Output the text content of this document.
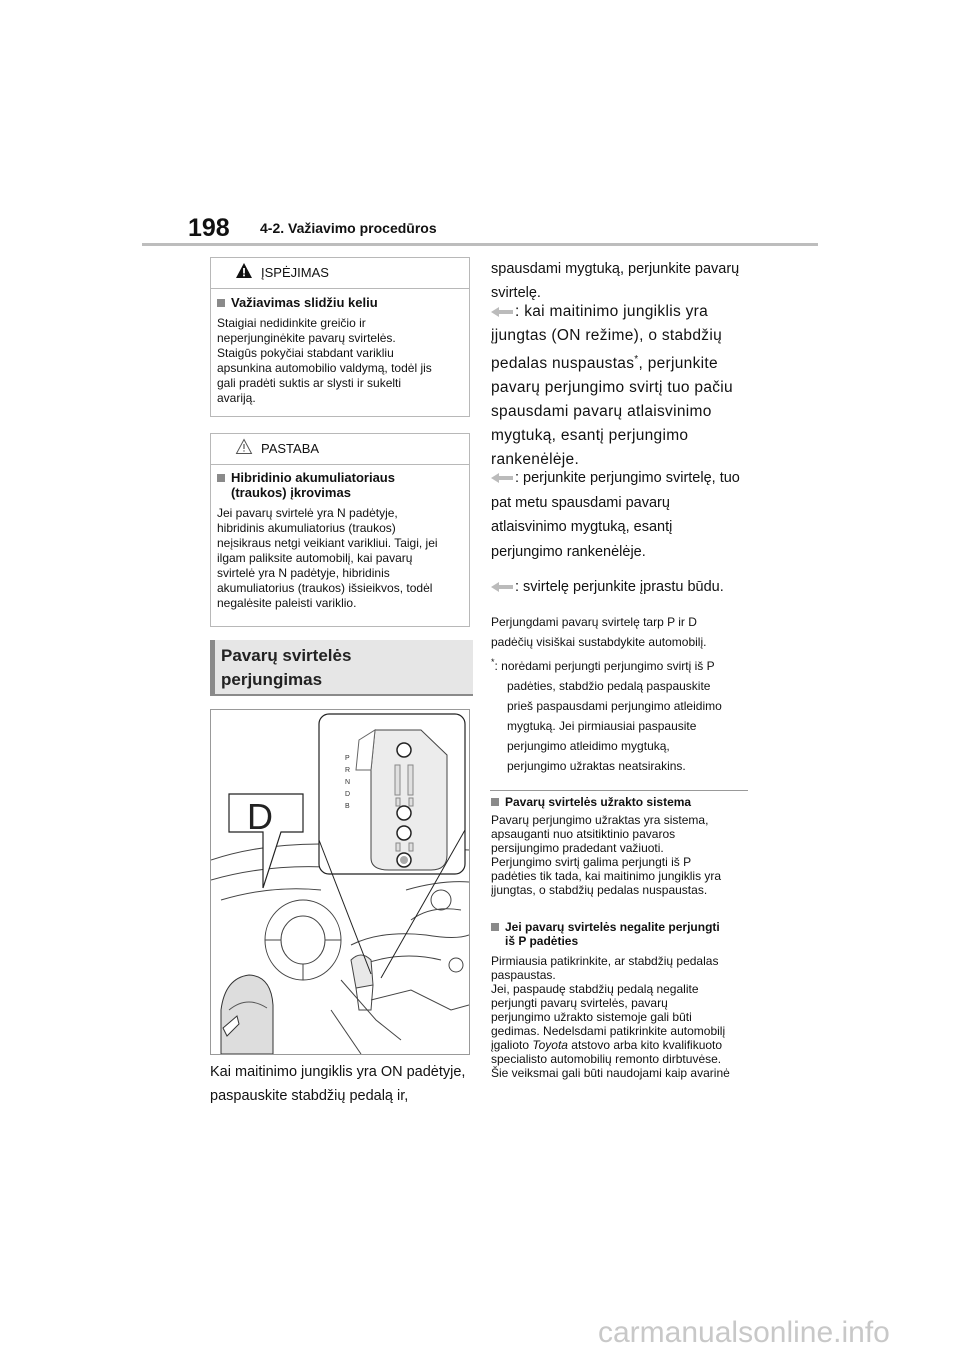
198 4-2. Važiavimo procedūros
ĮSPĖJIMAS
Važiavimas slidžiu keliu
Staigiai nedidinkite greičio ir
neperjunginėkite pavarų svirtelės.
Staigūs pokyčiai stabdant varikliu
apsunkina automobilio valdymą, todėl jis
gali pradėti suktis ar slysti ir sukelti
avariją.
PASTABA
Hibridinio akumuliatoriaus
(traukos) įkrovimas
Jei pavarų svirtelė yra N padėtyje,
hibridinis akumuliatorius (traukos)
neįsikraus netgi veikiant varikliui. Taigi, jei
ilgam paliksite automobilį, kai pavarų
svirtelė yra N padėtyje, hibridinis
akumuliatorius (traukos) išsieikvos, todėl
negalėsite paleisti variklio.
Pavarų svirtelės
perjungimas
D
P
R
N
D
B
Kai maitinimo jungiklis yra ON padėtyje,
paspauskite stabdžių pedalą ir,
spausdami mygtuką, perjunkite pavarų
svirtelę.
: kai maitinimo jungiklis yra
įjungtas (ON režime), o stabdžių
pedalas nuspaustas*, perjunkite
pavarų perjungimo svirtį tuo pačiu
spausdami pavarų atlaisvinimo
mygtuką, esantį perjungimo
rankenėlėje.
: perjunkite perjungimo svirtelę, tuo
pat metu spausdami pavarų
atlaisvinimo mygtuką, esantį
perjungimo rankenėlėje.
: svirtelę perjunkite įprastu būdu.
Perjungdami pavarų svirtelę tarp P ir D
padėčių visiškai sustabdykite automobilį.
*: norėdami perjungti perjungimo svirtį iš P
padėties, stabdžio pedalą paspauskite
prieš paspausdami perjungimo atleidimo
mygtuką. Jei pirmiausiai paspausite
perjungimo atleidimo mygtuką,
perjungimo užraktas neatsirakins.
Pavarų svirtelės užrakto sistema
Pavarų perjungimo užraktas yra sistema,
apsauganti nuo atsitiktinio pavaros
persijungimo pradedant važiuoti.
Perjungimo svirtį galima perjungti iš P
padėties tik tada, kai maitinimo jungiklis yra
įjungtas, o stabdžių pedalas nuspaustas.
Jei pavarų svirtelės negalite perjungti
iš P padėties
Pirmiausia patikrinkite, ar stabdžių pedalas
paspaustas.
Jei, paspaudę stabdžių pedalą negalite
perjungti pavarų svirtelės, pavarų
perjungimo užrakto sistemoje gali būti
gedimas. Nedelsdami patikrinkite automobilį
įgalioto Toyota atstovo arba kito kvalifikuoto
specialisto automobilių remonto dirbtuvėse.
Šie veiksmai gali būti naudojami kaip avarinė
carmanualsonline.info
